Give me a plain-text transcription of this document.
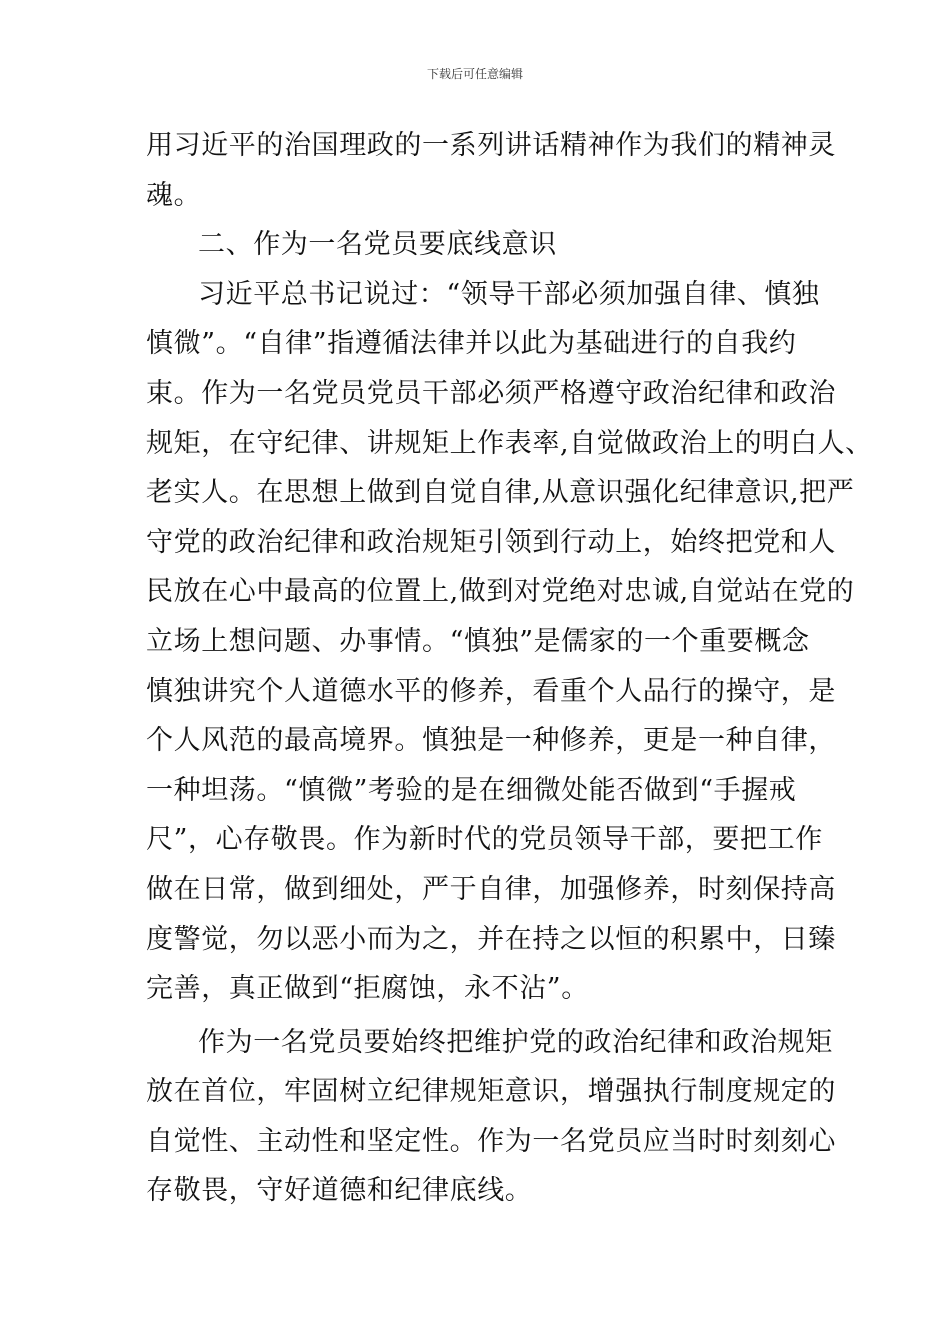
下载后可任意编辑
用习近平的治国理政的一系列讲话精神作为我们的精神灵
魂。
二、作为一名党员要底线意识
习近平总书记说过：“领导干部必须加强自律、慎独
慎微”。“自律”指遵循法律并以此为基础进行的自我约
束。作为一名党员党员干部必须严格遵守政治纪律和政治
规矩，在守纪律、讲规矩上作表率,自觉做政治上的明白人、
老实人。在思想上做到自觉自律,从意识强化纪律意识,把严
守党的政治纪律和政治规矩引领到行动上，始终把党和人
民放在心中最高的位置上,做到对党绝对忠诚,自觉站在党的
立场上想问题、办事情。“慎独”是儒家的一个重要概念
慎独讲究个人道德水平的修养，看重个人品行的操守，是
个人风范的最高境界。慎独是一种修养，更是一种自律，
一种坦荡。“慎微”考验的是在细微处能否做到“手握戒
尺”，心存敬畏。作为新时代的党员领导干部，要把工作
做在日常，做到细处，严于自律，加强修养，时刻保持高
度警觉，勿以恶小而为之，并在持之以恒的积累中，日臻
完善，真正做到“拒腐蚀，永不沾”。
作为一名党员要始终把维护党的政治纪律和政治规矩
放在首位，牢固树立纪律规矩意识，增强执行制度规定的
自觉性、主动性和坚定性。作为一名党员应当时时刻刻心
存敬畏，守好道德和纪律底线。
